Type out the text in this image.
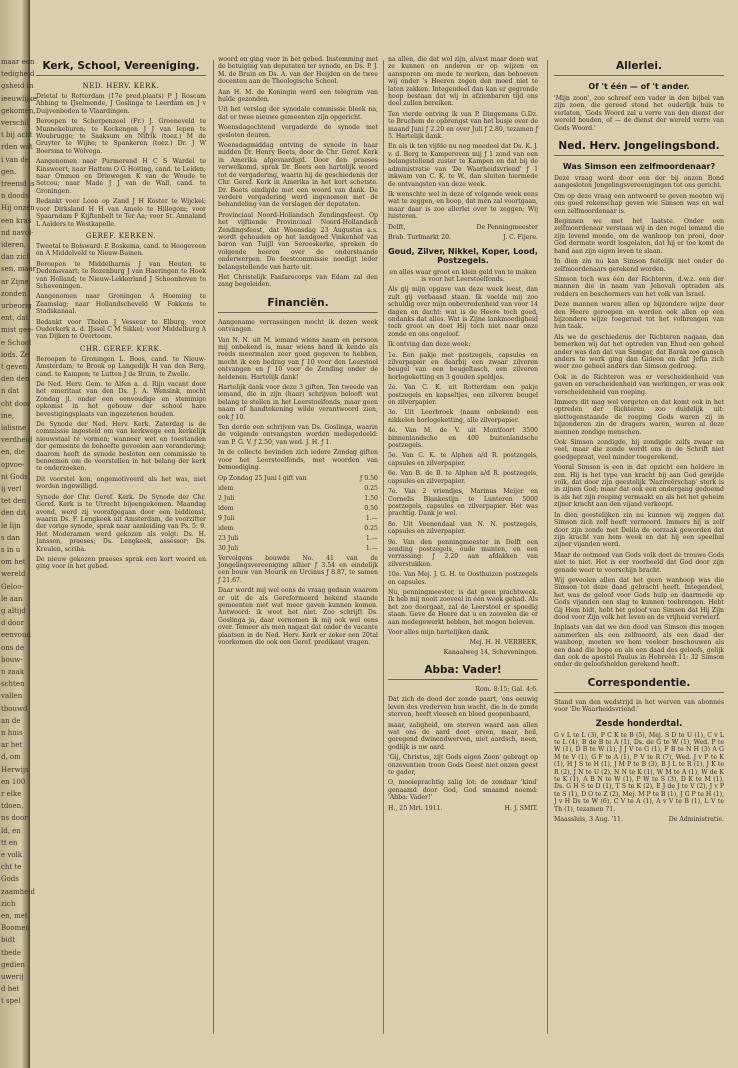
maar een
tedigheid
gsheid in
ieeuwlijke
gekomen,
verschil
t bij acht
rden wat
i van de
gen.
treemd is
n doods
Hij onzen
een kras
nd navol-
ideren,
dan zich
sen, maar
ar Zijne
zonden
urbeorig
ent, dat
mist gee-
e School
iods. Ze
t geven,
den den
n dat
cht door
ine,
ialisme
verdheid
en, die
opvoe-
ni Gods
ij verl
tet den
den dit
le lijn
s dan
s in u
om het
wereld
Geloo-
le aan
g altijd
d door
eenvoud
ons de
bouw-
n zaak
schten
vallen
tbouwd
an de
n huis
ar het
d, om
Herwijs
en 100
r elke
tdoen,
ns door
ld, en
tt en
e volk
cht te
Gods
zaamheid
zich
en, met
Boomen
bidt
tbede
gedien
uwerij
d het
t spel
Kerk, School, Vereeniging.
NED. HERV. KERK.

Drietal te Rotterdam (17e pred.plaats) P J Roscam Abbing te IJselmonde, J Goslinga te Leerdam en J v Duijvenboden te Vlaardingen.

Beroepen te Scherpenzeel (Fr.) J. Groeneveld te Munnekeburen; te Kockengen J J van Iepen te Woubrugge; te Saaksum en Nifrik (toez.) M de Gruyter te Wijhe; te Spankeren (toez.) Dr. J W Boersma te Wolvega.

Aangenomen naar Purmerend H C S Wardel te Kinsweert; naar Hattem O G Hoiting, cand. te Leiden; naar Ommen en Driewegen K van de Woude te Setcou; naar Made J J van de Wall, cand. te Groningen.

Bedankt voor Loon op Zand J H Koster te Wijckel; voor Dirksland H H van Amelo te Hillegom; voor Spaarndam F Kijftenbelt te Ter Aa; voor St. Annaland L Aalders te Westkapelle.

GEREF. KERKEN.

Tweetal te Bolsward: E Boskema, cand. te Hoogeveen en A Middelveld te Nieuw-Buinen.

Beroepen te Middelharnis J van Heuten te Dedemsvaart; te Rozenburg J van Haeringen te Hoek van Holland; te Nieuw-Lekkerland J Schoonhoven te Scheveningen.

Aangenomen naar Groningen A Hoeming te Zaamslag; naar Hollandscheveld W Fokkens te Stadskanaal.

Bedankt voor Tholen J Vesseur te Elburg; voor Ouderkerk a. d. IJssel C M Sikkel; voor Middelburg A van Dijken te Overtoom.

CHR. GEREF. KERK.

Beroepen te Groningen L. Boes, cand. te Nieuw-Amsterdam; te Broek op Langedijk H van den Berg, cand. te Kampen; te Lutten J de Bruin, te Zwolle.

De Ned. Herv. Gem. te Alfen a. d. Rijn vacant door het emeritaat van den Ds. J. A. Wensink, mocht Zondag jl. onder een eenvoudige en stemmige opkomst in het gebouw der school hare bevestigingsplaats van ingezetenen houden.

De Synode der Ned. Herv. Kerk. Zaterdag is de commissie ingesteld om van kerkwege een kerkelijk nieuwstaal te vormen; wanneer wet en toestanden der gemeente de behoefte gevoelen aan verandering; daarom heeft de synode besloten een commissie te benoemen om de voorstellen in het belang der kerk te onderzoeken.

Dit voorstel kon, ongemotiveerd als het was, niet worden ingewilligd.

Synode der Chr. Geref. Kerk. De Synode der Chr. Geref. Kerk is te Utrecht bijeengekomen. Maandag avond, werd zij voorafgegaan door een biddienst, waarin Ds. F. Lengkeek uit Amsterdam, de voorzitter der vorige synode, sprak naar aanleiding van Ps. 5: 9. Het Moderamen werd gekozen als volgt: Ds. H. Janssen, praeses; Ds. Lengkeek, assessor; Ds. Kreulen, scriba.

De nieuw gekozen praeses sprak een kort woord en ging voor in het gebed.

woord en ging voor in het gebed. Instemming met de betuiging van deputaten ter synode, en Ds. P. J. M. de Bruin en Ds. A. van der Heijden en de twee docenten aan de Theologische School.

Aan H. M. de Koningin werd een telegram van hulde gezonden.

Uit het verslag der synodale commissie bleek na, dat er twee nieuwe gemeenten zijn opgericht.

Woensdagochtend vergaderde de synode met gesloten deuren.

Woensdagmiddag ontving de synode in haar midden Dr. Henry Beets, door de Chr. Geref. Kerk in Amerika afgevaardigd. Door den praeses verwelkomd, sprak Dr. Beets een hartelijk woord tot de vergadering, waarin hij de geschiedenis der Chr. Geref. Kerk in Amerika in het kort schetste. Dr. Beets eindigde met een woord van dank. De verdere vergadering werd ingenomen met de behandeling van de verslagen der deputaten.

Provinciaal Noord-Hollandsch Zendingsfeest. Op het vijftiende Provinciaal Noord-Hollandsch Zendingsfeest, dat Woensdag 23 Augustus a.s. wordt gehouden op het landgoed Vinkenhof van baron van Tuijll van Serooskerke, spreken de volgende heeren over de onderstaande onderwerpen. De feestcommissie noodigt ieder belangstellende van harte uit.

Het Christelijk Fanfarecorps van Edam zal den zang begeleiden.

Financiën.

Aangename verrassingen mocht ik dezen week ontvangen.

Van N. N. uit M. iemand wiens naam en persoon mij onbekend is, maar wiens hand ik kende als reeds meermalen zeer goed gegeven te hebben, mocht ik een bedrag van ƒ 10 voor den Leerstoel ontvangen en ƒ 10 voor de Zending onder de heidenen. Hartelijk dank!

Hartelijk dank voor deze 3 giften. Ten tweede van iemand, die in zijn (haar) schrijven belooft wat belang te stellen in het Leerstoelfonds, maar geen naam of handtekening wilde verantwoord zien, ook ƒ 10.

Ten derde een schrijven van Ds. Goslinga, waarin de volgende ontvangsten worden medegedeeld: van P. G. V. ƒ 2.50, van wed. J. H. ƒ 1.

In de collecte bevinden zich iedere Zondag giften voor het Leerstoelfonds, met woorden van bemoediging.

Op Zondag 25 Juni l gift van	ƒ 0.50
idem	0.25
2 Juli	1.50
idem	0.50
9 Juli	1.—
idem	0.25
23 Juli	1.—
30 Juli	1.—

Vervolgens bouwde No. 41 van de Jongelingsvereeniging alhier ƒ 3.54 en eindelijk een bouw van Mourik en Urcinus ƒ 8.87, te samen ƒ 21.67.

Daar wordt mij wel eens de vraag gedaan waarom er uit de als Gereformeerd bekend staande gemeenten niet wat meer gaven kunnen komen. Antwoord: ik weet het niet. Zoo schrijft Ds. Goslinga ja, daar vernomen ik mij ook wel eens over. Temeer als men nagaat dat onder de vacante plaatsen in de Ned. Herv. Kerk er zeker een 20tal voorkomen die ook een Geref. predikant vragen.

na allen, die dat wel zijn, alvast maar doen wat ze kunnen en anderen er op wijzen en aansporen om mede te werken, dan behoeven wij onder 's Heeren zegen den moed niet te laten zakken. Integendeel dan kan er gegronde hoop bestaan dat wij in afzienbaren tijd ons doel zullen bereiken.

Ten vierde ontving ik van P. Dingemans G.Dz. te Bruchem de opbrengst van het busje over de maand Juni ƒ 2.20 en over Juli ƒ 2.80, tezamen ƒ 5. Hartelijk dank.

En als ik ten vijfde nu nog meedeel dat Ds. K. J. v. d. Berg te Kampereven mij ƒ 1 zond van een belangstellend zuster te Kampen en dat bij de administratie van 'De Waarheidsvriend' ƒ 1 inkwam van C. K. te W., dan sluiten hiermede de ontvangsten van deze week.

Ik wenschte wel in deze of volgende week eens wat te zeggen, en hoop, dat men zal voortgaan, maar daar is zoo allerlei over te zeggen; Wij luisteren.

Delft,	De Penningmeester
Brab. Turfmarkt 20.	J. C. Fijere.
Goud, Zilver, Nikkel, Koper, Lood, Postzegels.

en alles waar groot en klein geld van te maken is voor het Leerstoelfonds.

Als gij mijn opgave van deze week leest, dan zult gij verbaasd staan. Ik voelde mij zoo schuldig over mijn onbevredenheid van voor 14 dagen en dacht: wat is de Heere toch goed, ondanks dat alles. Wat is Zijne lankmoedigheid toch groot en doet Hij toch niet naar onze zonde en ons ongeloof.

Ik ontving dan deze week:

1e. Een pakje met postzegels, capsules en zilverpapier en daarbij een zwaar zilveren beugel van een beugeltasch, een zilveren horlogeketting en 3 gouden speldjes.

2e. Van C. K. uit Rotterdam een pakje postzegels en kapseltjes, een zilveren beugel en zilverpapier.

3e. Uit Leerbroek (naam onbekend) een nikkelen horlogeketting, alle zilverpapier.

4e. Van M. de V. uit Montfoort 3500 binnenlandsche en 400 buitenlandsche postzegels.

5e. Van C. K. te Alphen a/d R. postzegels, capsules en zilverpapier.

6e. Van B. de B. te Alphen a/d R. postzegels, capsules en zilverpapier.

7e. Van 2 vriendjes, Marinus Meijer en Cornelis Blankestijn te Lunteren 5000 postzegels, capsules en zilverpapier. Het was prachtig. Dank je wel.

8e. Uit Veenendaal van N. N. postzegels, capsules en zilverpapier.

9e. Van den penningmeester in Delft een zending postzegels, oude munten, en een verrassing: ƒ 2.20 aan afdakken van zilverstukken.

10e. Van Mej. J. G. H. te Oosthuizen postzegels en capsules.

Nu, penningmeester, is dat geen prachtweek. Ik heb mij nooit zooveel in één week gehad. Als het zoo doorgaat, zal de Leerstoel er spoedig staan. Geve de Heere dat u en zoovelen die er aan medegewerkt hebben, het mogen beleven.

Voor alles mijn hartelijken dank.

Mej. H. H. VERBEEK,
Kanaalweg 14, Scheveningen.
Abba: Vader!
Rom. 8:15; Gal. 4:6.

Dat zich de dood der zonde paart, 'ons eeuwig leven des vrederven hun wacht, die in de zonde sterven, heeft vleesch en bloed geopenbaard,

maar, zaligheid, om sterven waard aan allen wat ons de aard doet erven, maar, heil, geregend dwinendwerven, niet aardsch, neen, godlijk is uw aard.

'Gij, Christus, zijt Gods eigen Zoon' gebragt op onzeventien troon Gods Geest niet onzen geest te gader,

O, mooieprachtig zalig lot: de zondaar 'kind' genaamd door God, God smaamd noemd: 'Abba: Vader!'

H., 25 Mrt. 1911.	H. J. SMIT.
Allerlei.
Of 't één — of 't ander.

'Mijn zoon', zoo schreef een vader in den bijbel van zijn zoon, die gereed stond het ouderlijk huis te verlaten, 'Gods Woord zal u verre van den dienst der wereld houden, of — de dienst der wereld verre van Gods Woord.'

Ned. Herv. Jongelingsbond.
Was Simson een zelfmoordenaar?

Deze vraag werd door een der bij onzen Bond aangesloten Jongelingsvereenigingen tot ons gericht.

Om op deze vraag een antwoord te geven moeten wij ons goed rekenschap geven wie Simson was en wat een zelfmoordenaar is.

Beginnen we met het laatste. Onder een zelfmoordenaar verstaan wij in den regel iemand die zijn levend moede, om de wanhoop ten prooi, door God dermate wordt losgelaten, dat hij er toe komt de hand aan zijn eigen leven te slaan.

In dien zin nu kan Simson feitelijk niet onder de zelfmoordenaars gerekend worden.

Simson toch was één der Richteren, d.w.z. een der mannen die in naam van Jehovah optraden als redders en beschermers van het volk van Israel.

Deze mannen waren allen op bijzondere wijze door den Heere geroepen en werden ook allen op een bijzondere wijze toegerust tot het volbrengen van hun taak.

Als we de geschiedenis der Richteren nagaan, dan bemerken wij dat het optreden van Ehud een geheel ander was dan dat van Samgar, dat Barak zoo gansch anders te werk ging dan Gideon en dat Jefta zich weer zoo geheel anders dan Simson gedroeg.

Ook in de Richteren was er verscheidenheid van gaven en verscheidenheid van werkingen, er was ook verscheidenheid van roeping.

Immers dit mag wel vergeten en dat komt ook in het optreden der Richteren zoo duidelijk uit: niettegenstaande de roeping Gods waren zij in bijzonderen zin de dragers waren, waren al deze mannen zondige menschen.

Ook Simson zondigde, hij zondigde zelfs zwaar en veel, maar die zonde wordt ons in de Schrift niet goedgepraat, veel minder toegerekend.

Vooral Simson is een in dat opzicht een heldere in zen. Hij is het type van kracht bij aan God gewijde volk, dat door zijn geestelijk 'Nazireërschap' sterk is in zijnen God; maar dat ook een ondergang gedoemd is als het zijn roeping vermaakt en als het het geheim zijner kracht aan den vijand verkoopt.

In dien geestelijken zin nu kunnen wij zeggen dat Simson zich zelf heeft vermoord. Immers hij is zelf door zijn zonde met Delila de oorzaak geworden dat zijn kracht van hem week en dat hij een speelbal zijner vijanden werd.

Maar de ootmoed van Gods volk doet de trouwe Gods niet te niet. Het is eer voorbeeld dat God door zijn genade weer te voorschijn bracht.

Wij geveolen allen dat het geen wanhoop was die Simson tot deze daad gebracht heeft. Integendeel, het was de geloof voor Gods hulp en daarmede op Gods vijanden een slag te kunnen toebrengen. Hebt Gij Hem bidt, hebt het geloof van Simson dat Hij Zijn dood voor Zijn volk het leven en de vrijheid verwierf.

Inplaats van dat we den dood van Simson dus mogen aanmerken als een zelfmoord, als een daad der wanhoop, moeten we hem veeleer beschouwen als een daad die hope en als een daad des geloofs, gelijk dan ook de apostel Paulus in Hebreën 11: 32 Simson onder de geloofshelden gerekend heeft.

Correspondentie.

Stand van den wedstrijd in het werven van abonnés voor 'De Waarheidsvriend.'

Zesde honderdtal.

G v L te L (3), P C K te B (5), Mej. S D te U (1), C v L te L (4), B de B te A (1), Ds. de G te W (1), Wed. P te W (1), D B te W (1), J J V te G (1), F B te N H (3) A G M te V (1), G F te A (1), P V te R (7), Wed. J v P te K (1), H J S te H (1), J M P te B (3), B J L te R (1), J K te R (2), J N te U (2), N N te K (1), W M te A (1), W de K te K (1), A B N te W (1), P W te S (3), D K te M (1), Ds. G H S te D (1), T S te K (2), E J de J te V (2), J v P te S (1), D O te Z (2), Mej. M P te B (1), J G P te H (1), J v H Ds te W (6), C V te A (1), A v V te B (1), L V te Th (1), tezamen 71.

Maassluis, 3 Aug. '11.	De Administratie.
